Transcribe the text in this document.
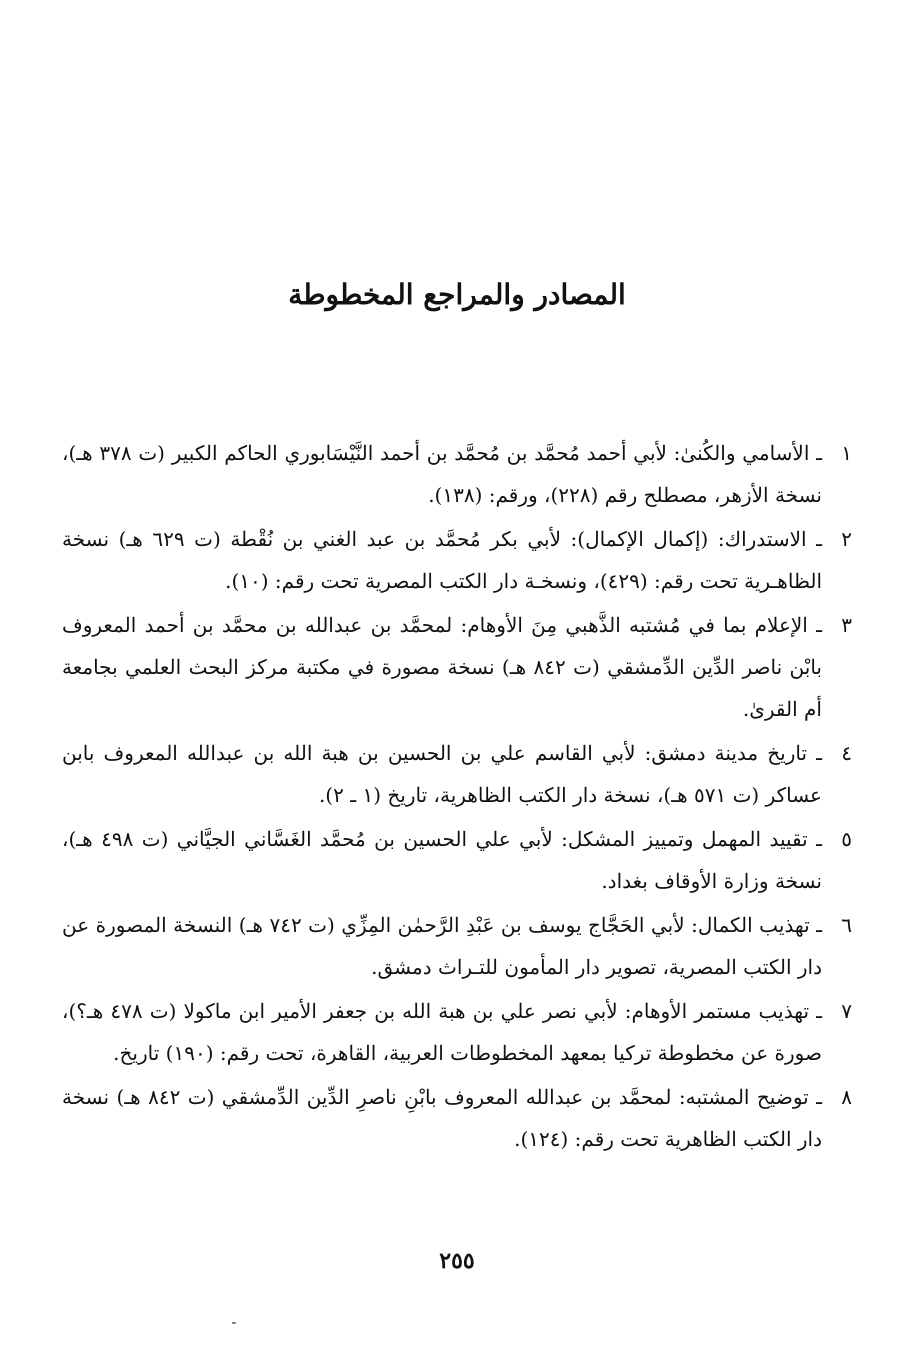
المصادر والمراجع المخطوطة
١
ـ الأسامي والكُنىٰ: لأبي أحمد مُحمَّد بن مُحمَّد بن أحمد النَّيْسَابوري الحاكم الكبير (ت ٣٧٨ هـ)، نسخة الأزهر، مصطلح رقم (٢٢٨)، ورقم: (١٣٨).
٢
ـ الاستدراك: (إكمال الإكمال): لأبي بكر مُحمَّد بن عبد الغني بن نُقْطة (ت ٦٢٩ هـ) نسخة الظاهـرية تحت رقم: (٤٢٩)، ونسخـة دار الكتب المصرية تحت رقم: (١٠).
٣
ـ الإعلام بما في مُشتبه الذَّهبي مِنَ الأوهام: لمحمَّد بن عبدالله بن محمَّد بن أحمد المعروف بابْن ناصر الدِّين الدِّمشقي (ت ٨٤٢ هـ) نسخة مصورة في مكتبة مركز البحث العلمي بجامعة أم القرىٰ.
٤
ـ تاريخ مدينة دمشق: لأبي القاسم علي بن الحسين بن هبة الله بن عبدالله المعروف بابن عساكر (ت ٥٧١ هـ)، نسخة دار الكتب الظاهرية، تاريخ (١ ـ ٢).
٥
ـ تقييد المهمل وتمييز المشكل: لأبي علي الحسين بن مُحمَّد الغَسَّاني الجيَّاني (ت ٤٩٨ هـ)، نسخة وزارة الأوقاف بغداد.
٦
ـ تهذيب الكمال: لأبي الحَجَّاج يوسف بن عَبْدِ الرَّحمٰن المِزِّي (ت ٧٤٢ هـ) النسخة المصورة عن دار الكتب المصرية، تصوير دار المأمون للتـراث دمشق.
٧
ـ تهذيب مستمر الأوهام: لأبي نصر علي بن هبة الله بن جعفر الأمير ابن ماكولا (ت ٤٧٨ هـ؟)، صورة عن مخطوطة تركيا بمعهد المخطوطات العربية، القاهرة، تحت رقم: (١٩٠) تاريخ.
٨
ـ توضيح المشتبه: لمحمَّد بن عبدالله المعروف بابْنِ ناصرِ الدِّين الدِّمشقي (ت ٨٤٢ هـ) نسخة دار الكتب الظاهرية تحت رقم: (١٢٤).
٢٥٥
